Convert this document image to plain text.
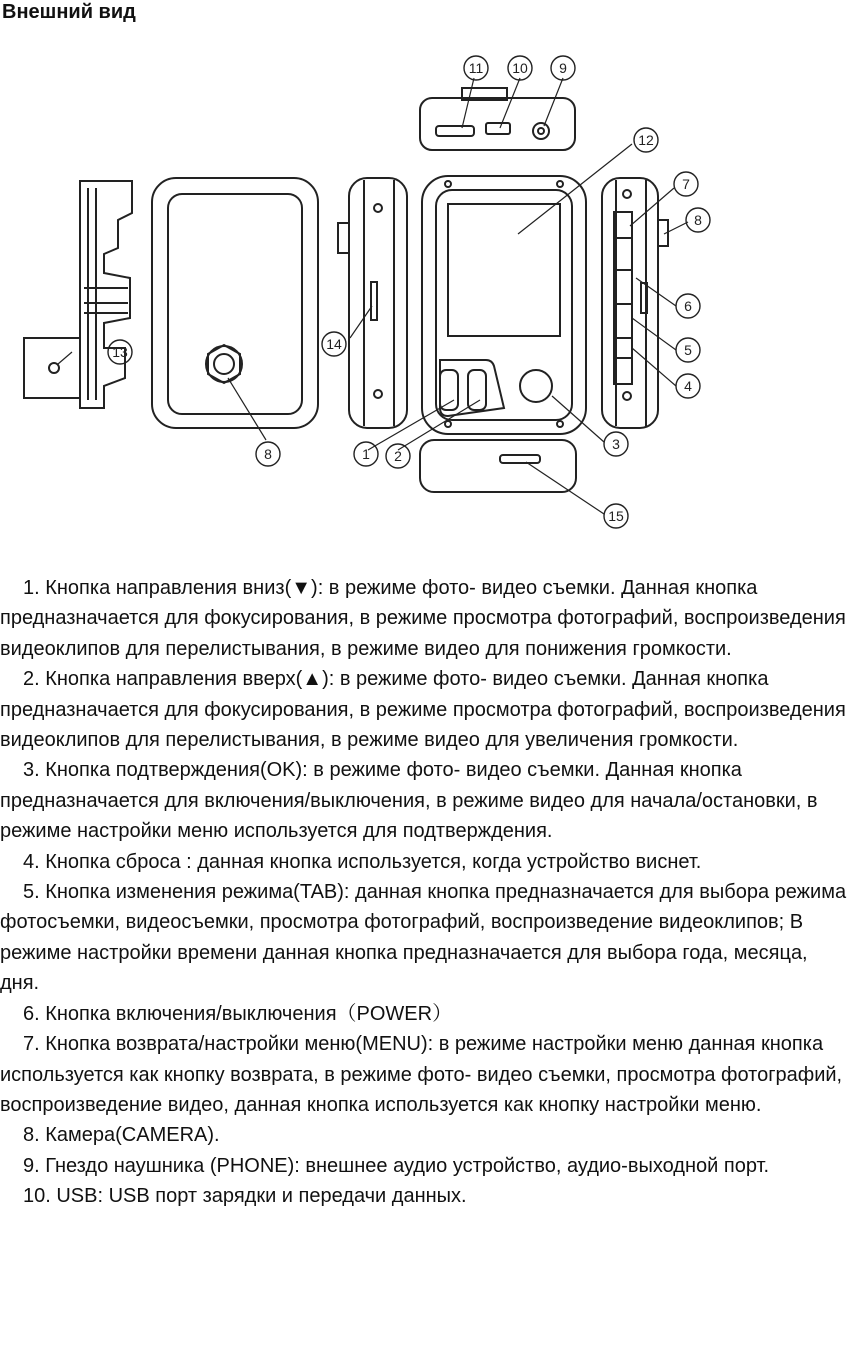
Внешний вид
1 2
3
4
5
6
7
8
8
9
10
11
12
13	14
15

1. Кнопка направления вниз(▼): в режиме фото- видео съемки. Данная кнопка предназначается для фокусирования, в режиме просмотра фотографий, воспроизведения видеоклипов для перелистывания, в режиме видео для понижения громкости.

2. Кнопка направления вверх(▲): в режиме фото- видео съемки. Данная кнопка предназначается для фокусирования, в режиме просмотра фотографий, воспроизведения видеоклипов для перелистывания, в режиме видео для увеличения громкости.

3. Кнопка подтверждения(OK): в режиме фото- видео съемки. Данная кнопка предназначается для включения/выключения, в режиме видео для начала/остановки, в режиме настройки меню используется для подтверждения.

4. Кнопка сброса : данная кнопка используется, когда устройство виснет.

5. Кнопка изменения режима(TAB): данная кнопка предназначается для выбора режима фотосъемки, видеосъемки, просмотра фотографий, воспроизведение видеоклипов; В режиме настройки времени данная кнопка предназначается для выбора года, месяца, дня.

6. Кнопка включения/выключения（POWER）

7. Кнопка возврата/настройки меню(MENU): в режиме настройки меню данная кнопка используется как кнопку возврата, в режиме фото- видео съемки, просмотра фотографий, воспроизведение видео, данная кнопка используется как кнопку настройки меню.

8. Камера(CAMERA).

9. Гнездо наушника (PHONE): внешнее аудио устройство, аудио-выходной порт.

10. USB: USB порт зарядки и передачи данных.
